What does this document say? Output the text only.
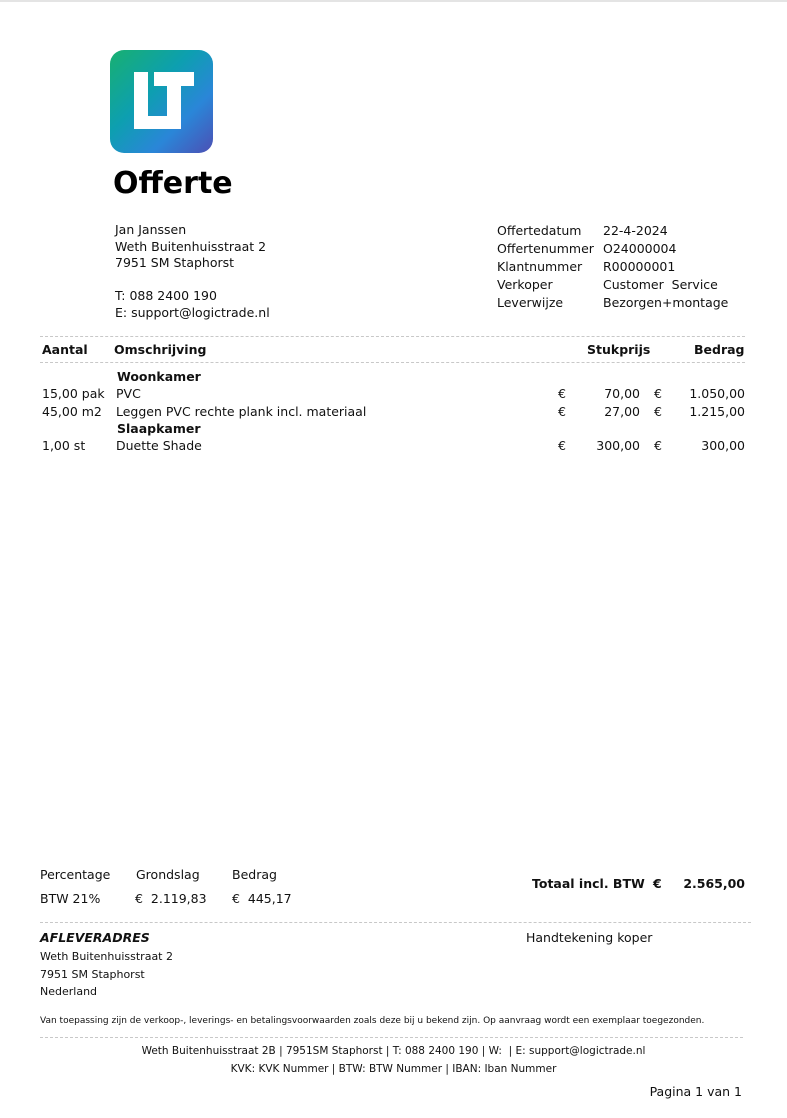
Offerte
Jan Janssen
Weth Buitenhuisstraat 2
7951 SM Staphorst
T: 088 2400 190
E: support@logictrade.nl
Offertedatum	22-4-2024
Offertenummer O24000004
Klantnummer	R00000001
Verkoper	Customer  Service
Leverwijze	Bezorgen+montage
Aantal Omschrijving	Stukprijs	Bedrag
Woonkamer
15,00 pak PVC	€	70,00 €	1.050,00
45,00 m2 Leggen PVC rechte plank incl. materiaal	€	27,00 €	1.215,00
Slaapkamer
1,00 st Duette Shade	€	300,00 €	300,00
Percentage Grondslag	Bedrag
BTW 21%	€  2.119,83 €  445,17
Totaal incl. BTW €	2.565,00
AFLEVERADRES
Weth Buitenhuisstraat 2
7951 SM Staphorst
Nederland
Handtekening koper
Van toepassing zijn de verkoop-, leverings- en betalingsvoorwaarden zoals deze bij u bekend zijn. Op aanvraag wordt een exemplaar toegezonden.
Weth Buitenhuisstraat 2B | 7951SM Staphorst | T: 088 2400 190 | W:  | E: support@logictrade.nl
KVK: KVK Nummer | BTW: BTW Nummer | IBAN: Iban Nummer
Pagina 1 van 1
